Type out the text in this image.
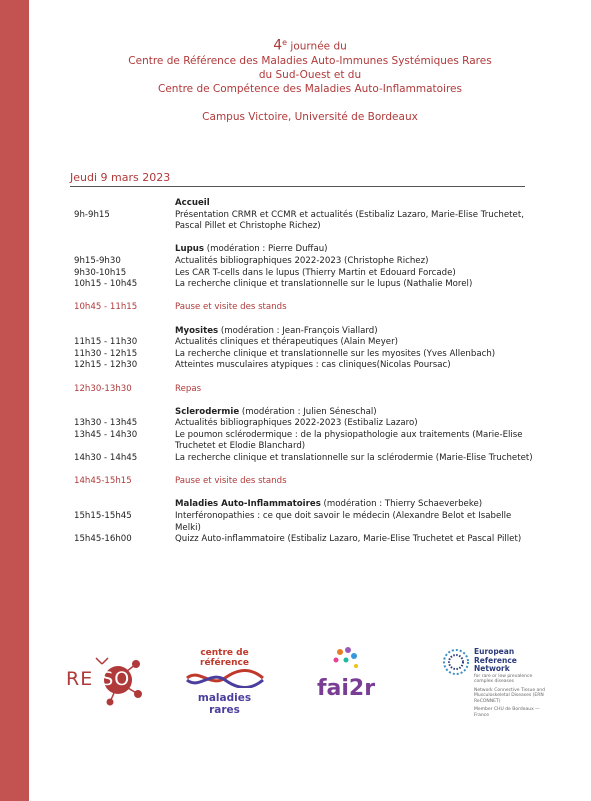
4e journée du
Centre de Référence des Maladies Auto-Immunes Systémiques Rares
du Sud-Ouest et du
Centre de Compétence des Maladies Auto-Inflammatoires
Campus Victoire, Université de Bordeaux
Jeudi 9 mars 2023
Accueil
9h-9h15	Présentation CRMR et CCMR et actualités (Estibaliz Lazaro, Marie-Elise Truchetet, Pascal Pillet et Christophe Richez)
Lupus (modération : Pierre Duffau)
9h15-9h30	Actualités bibliographiques 2022-2023 (Christophe Richez)
9h30-10h15	Les CAR T-cells dans le lupus (Thierry Martin et Edouard Forcade)
10h15 - 10h45	La recherche clinique et translationnelle sur le lupus (Nathalie Morel)
10h45 - 11h15	Pause et visite des stands
Myosites (modération : Jean-François Viallard)
11h15 - 11h30	Actualités cliniques et thérapeutiques (Alain Meyer)
11h30 - 12h15	La recherche clinique et translationnelle sur les myosites (Yves Allenbach)
12h15 - 12h30	Atteintes musculaires atypiques : cas cliniques(Nicolas Poursac)
12h30-13h30	Repas
Sclerodermie (modération : Julien Séneschal)
13h30 - 13h45	Actualités bibliographiques 2022-2023 (Estibaliz Lazaro)
13h45 - 14h30	Le poumon sclérodermique : de la physiopathologie aux traitements (Marie-Elise Truchetet et Elodie Blanchard)
14h30 - 14h45	La recherche clinique et translationnelle sur la sclérodermie (Marie-Elise Truchetet)
14h45-15h15	Pause et visite des stands
Maladies Auto-Inflammatoires (modération : Thierry Schaeverbeke)
15h15-15h45	Interféronopathies : ce que doit savoir le médecin (Alexandre Belot et Isabelle Melki)
15h45-16h00	Quizz Auto-inflammatoire (Estibaliz Lazaro, Marie-Elise Truchetet et Pascal Pillet)
RE SO
centre de référence
maladies rares
fai2r
European Reference Network
for rare or low prevalence complex diseases
Network Connective Tissue and Musculoskeletal Diseases (ERN ReCONNET)
Member CHU de Bordeaux — France
